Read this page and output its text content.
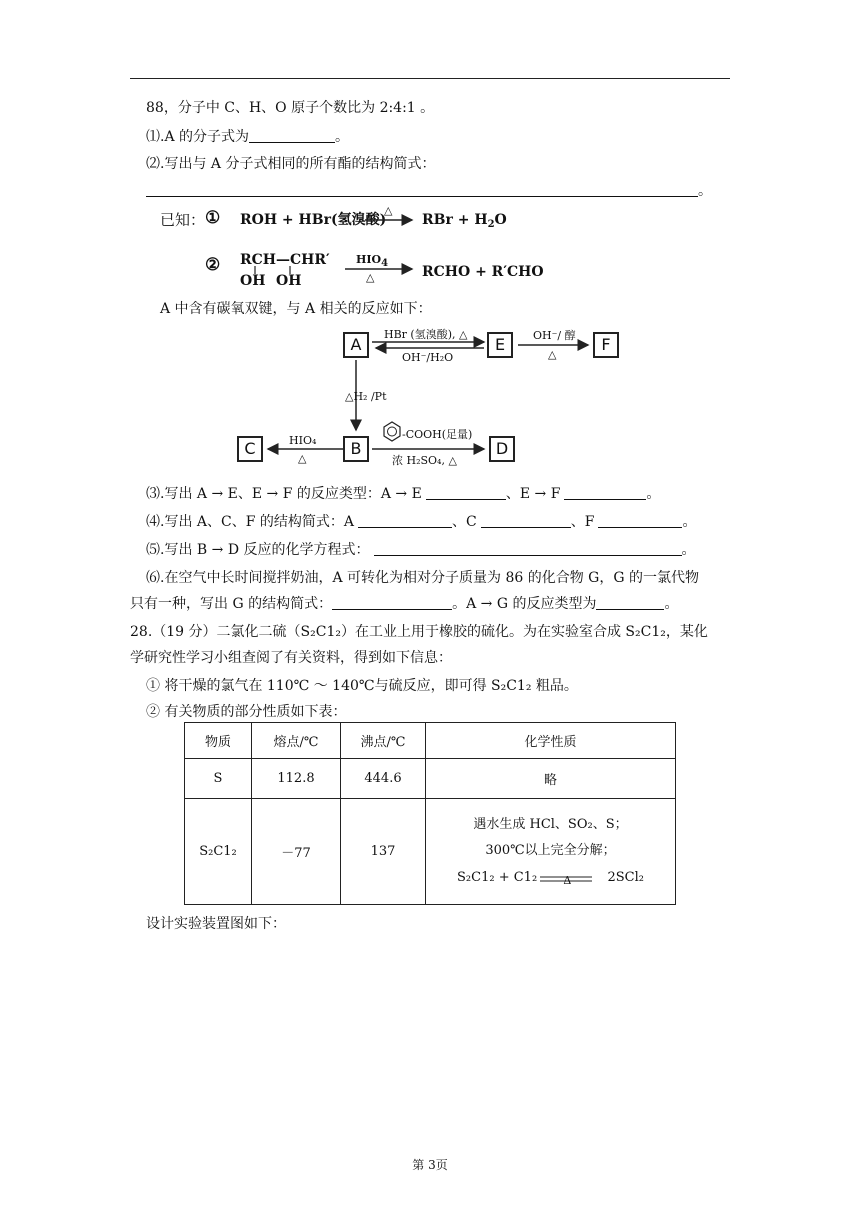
88，分子中 C、H、O 原子个数比为 2:4:1 。
⑴.A 的分子式为	。
⑵.写出与 A 分子式相同的所有酯的结构简式：
。
已知： ① ROH + HBr(氢溴酸)
△
RBr + $H_2O$
② RCH—CHR′
OH OH
$HIO_4$
△	RCHO + R′CHO
A 中含有碳氧双键，与 A 相关的反应如下：
A	E	F
B
C	D
HBr (氢溴酸), △
OH⁻/H₂O
OH⁻/ 醇
△
△H₂ /Pt
HIO₄
△
-COOH(足量)
浓 H₂SO₄, △
⑶.写出 A → E、E → F 的反应类型：A → E	、E → F	。
⑷.写出 A、C、F 的结构简式：A	、C	、F	。
⑸.写出 B → D 反应的化学方程式：	。
⑹.在空气中长时间搅拌奶油，A 可转化为相对分子质量为 86 的化合物 G，G 的一氯代物
只有一种，写出 G 的结构简式：	。A → G 的反应类型为	。
28.（19 分）二氯化二硫（S₂C1₂）在工业上用于橡胶的硫化。为在实验室合成 S₂C1₂，某化
学研究性学习小组查阅了有关资料，得到如下信息：
① 将干燥的氯气在 110℃ ～ 140℃与硫反应，即可得 S₂C1₂ 粗品。
② 有关物质的部分性质如下表：
物质	熔点/℃	沸点/℃	化学性质
S	112.8	444.6	略
S₂C1₂	－77	137	遇水生成 HCl、SO₂、S；
300℃以上完全分解；
S₂C1₂ + C1₂ Δ 2SCl₂
设计实验装置图如下：
第 3页
